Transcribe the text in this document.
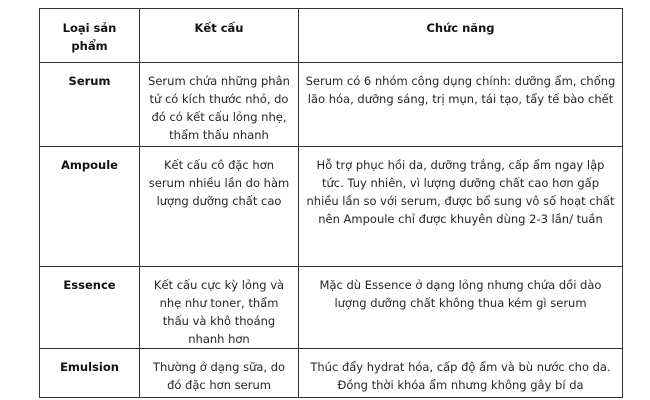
Loại sản phẩm	Kết cấu	Chức năng
Serum	Serum chứa những phân tử có kích thước nhỏ, do đó có kết cấu lỏng nhẹ, thẩm thấu nhanh	Serum có 6 nhóm công dụng chính: dưỡng ẩm, chống lão hóa, dưỡng sáng, trị mụn, tái tạo, tẩy tế bào chết
Ampoule	Kết cấu cô đặc hơn serum nhiều lần do hàm lượng dưỡng chất cao	Hỗ trợ phục hồi da, dưỡng trắng, cấp ẩm ngay lập tức. Tuy nhiên, vì lượng dưỡng chất cao hơn gấp nhiều lần so với serum, được bổ sung vô số hoạt chất nên Ampoule chỉ được khuyên dùng 2-3 lần/ tuần
Essence	Kết cấu cực kỳ lỏng và nhẹ như toner, thẩm thấu và khô thoáng nhanh hơn	Mặc dù Essence ở dạng lỏng nhưng chứa dồi dào lượng dưỡng chất không thua kém gì serum
Emulsion	Thường ở dạng sữa, do đó đặc hơn serum	Thúc đẩy hydrat hóa, cấp độ ẩm và bù nước cho da. Đồng thời khóa ẩm nhưng không gây bí da
